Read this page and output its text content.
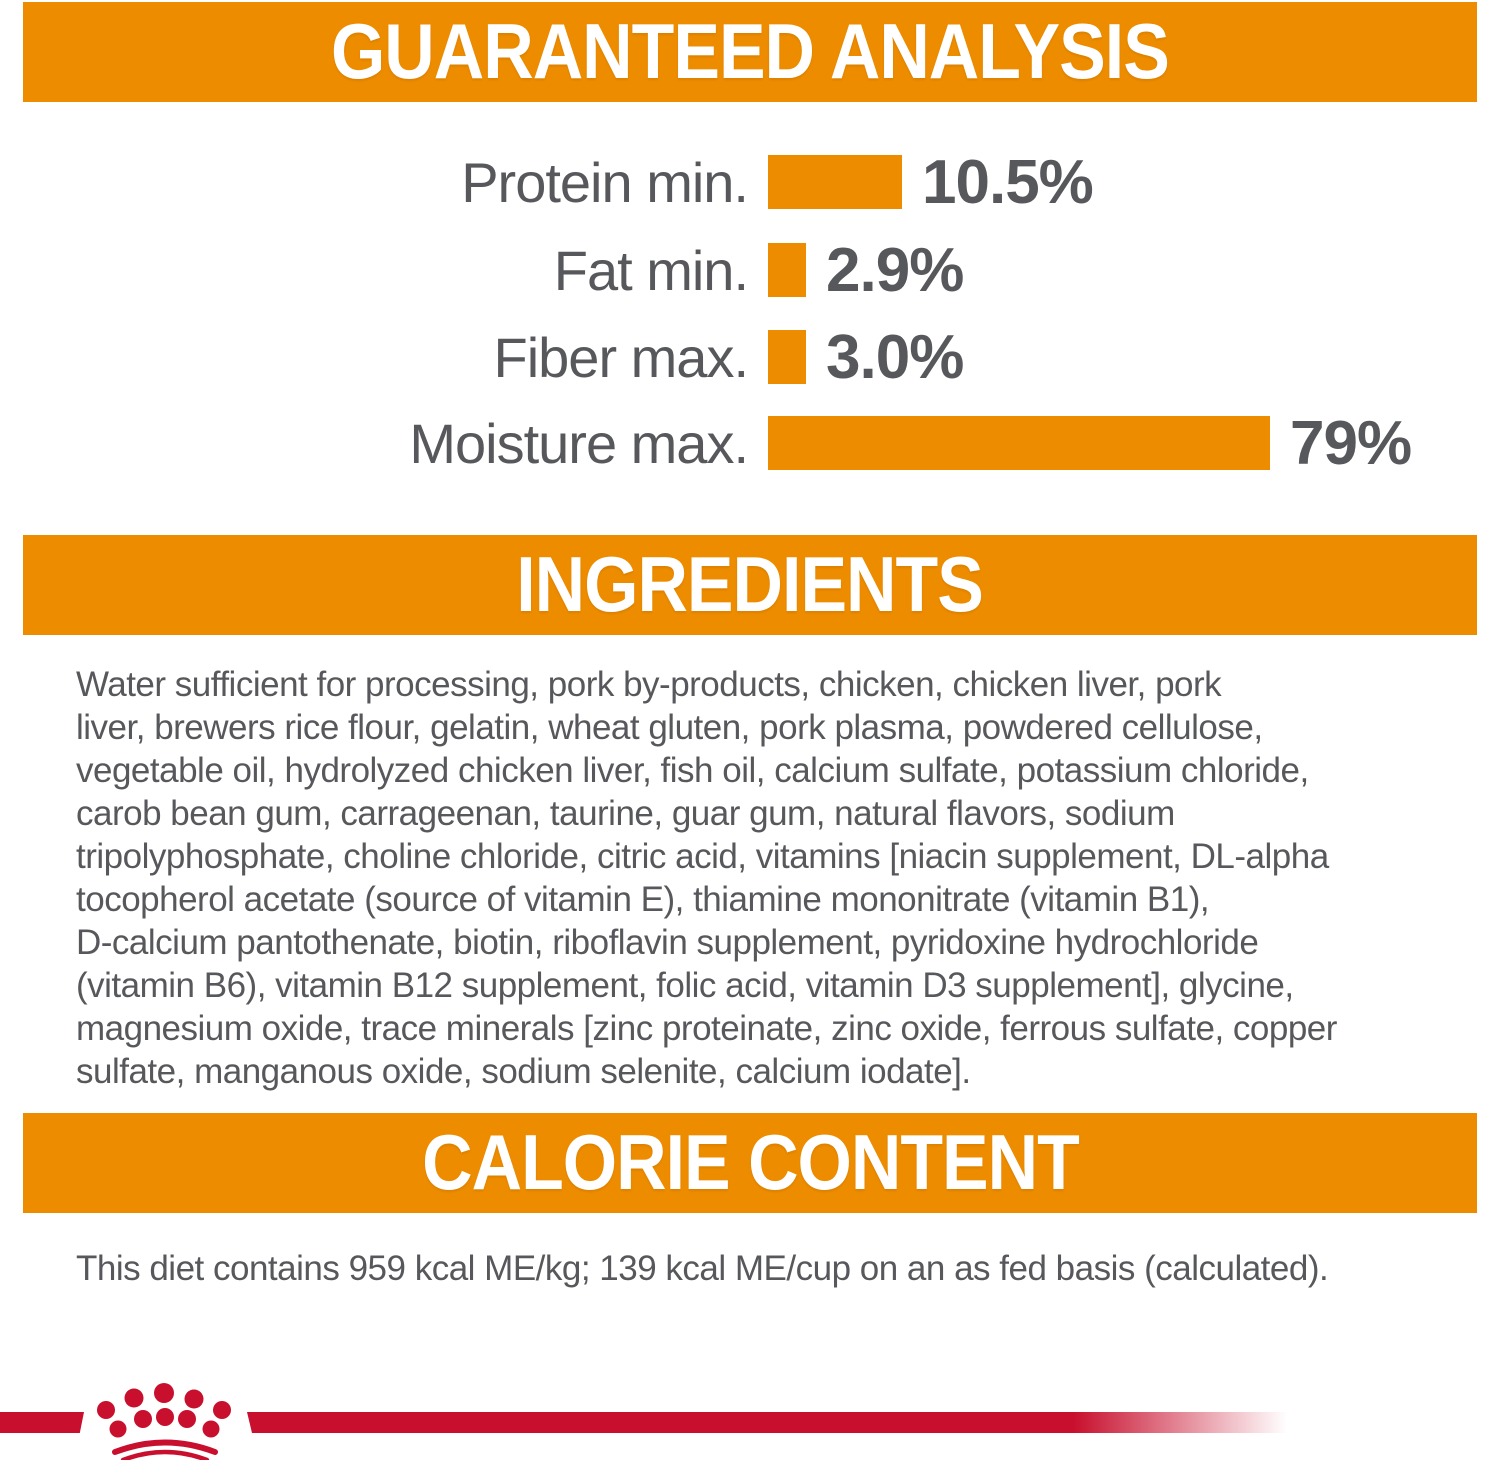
GUARANTEED ANALYSIS
Protein min.	10.5%
Fat min. 2.9%
Fiber max. 3.0%
Moisture max.	79%
INGREDIENTS
Water sufficient for processing, pork by-products, chicken, chicken liver, pork
liver, brewers rice flour, gelatin, wheat gluten, pork plasma, powdered cellulose,
vegetable oil, hydrolyzed chicken liver, fish oil, calcium sulfate, potassium chloride,
carob bean gum, carrageenan, taurine, guar gum, natural flavors, sodium
tripolyphosphate, choline chloride, citric acid, vitamins [niacin supplement, DL-alpha
tocopherol acetate (source of vitamin E), thiamine mononitrate (vitamin B1),
D-calcium pantothenate, biotin, riboflavin supplement, pyridoxine hydrochloride
(vitamin B6), vitamin B12 supplement, folic acid, vitamin D3 supplement], glycine,
magnesium oxide, trace minerals [zinc proteinate, zinc oxide, ferrous sulfate, copper
sulfate, manganous oxide, sodium selenite, calcium iodate].
CALORIE CONTENT
This diet contains 959 kcal ME/kg; 139 kcal ME/cup on an as fed basis (calculated).
